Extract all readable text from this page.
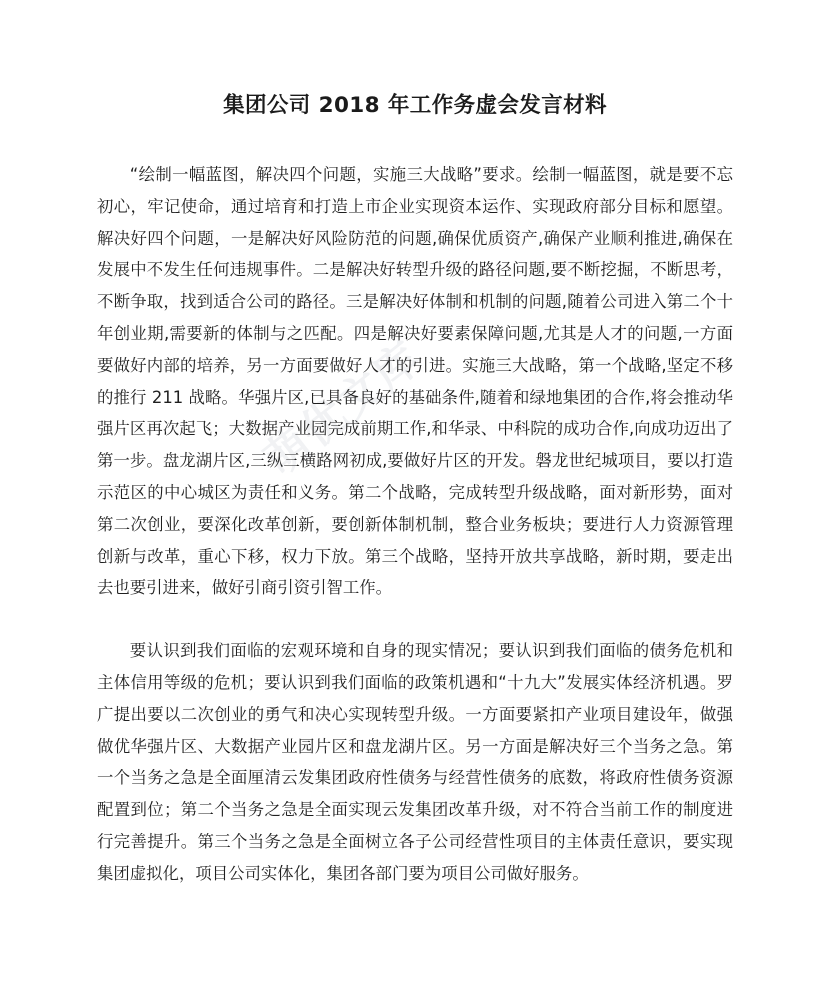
萌优文库
集团公司 2018 年工作务虚会发言材料

“绘制一幅蓝图，解决四个问题，实施三大战略”要求。绘制一幅蓝图，就是要不忘初心，牢记使命，通过培育和打造上市企业实现资本运作、实现政府部分目标和愿望。解决好四个问题，一是解决好风险防范的问题,确保优质资产,确保产业顺利推进,确保在发展中不发生任何违规事件。二是解决好转型升级的路径问题,要不断挖掘，不断思考，不断争取，找到适合公司的路径。三是解决好体制和机制的问题,随着公司进入第二个十年创业期,需要新的体制与之匹配。四是解决好要素保障问题,尤其是人才的问题,一方面要做好内部的培养，另一方面要做好人才的引进。实施三大战略，第一个战略,坚定不移的推行 211 战略。华强片区,已具备良好的基础条件,随着和绿地集团的合作,将会推动华强片区再次起飞；大数据产业园完成前期工作,和华录、中科院的成功合作,向成功迈出了第一步。盘龙湖片区,三纵三横路网初成,要做好片区的开发。磐龙世纪城项目，要以打造示范区的中心城区为责任和义务。第二个战略，完成转型升级战略，面对新形势，面对第二次创业，要深化改革创新，要创新体制机制，整合业务板块；要进行人力资源管理创新与改革，重心下移，权力下放。第三个战略，坚持开放共享战略，新时期，要走出去也要引进来，做好引商引资引智工作。

要认识到我们面临的宏观环境和自身的现实情况；要认识到我们面临的债务危机和主体信用等级的危机；要认识到我们面临的政策机遇和“十九大”发展实体经济机遇。罗广提出要以二次创业的勇气和决心实现转型升级。一方面要紧扣产业项目建设年，做强做优华强片区、大数据产业园片区和盘龙湖片区。另一方面是解决好三个当务之急。第一个当务之急是全面厘清云发集团政府性债务与经营性债务的底数，将政府性债务资源配置到位；第二个当务之急是全面实现云发集团改革升级，对不符合当前工作的制度进行完善提升。第三个当务之急是全面树立各子公司经营性项目的主体责任意识，要实现集团虚拟化，项目公司实体化，集团各部门要为项目公司做好服务。
